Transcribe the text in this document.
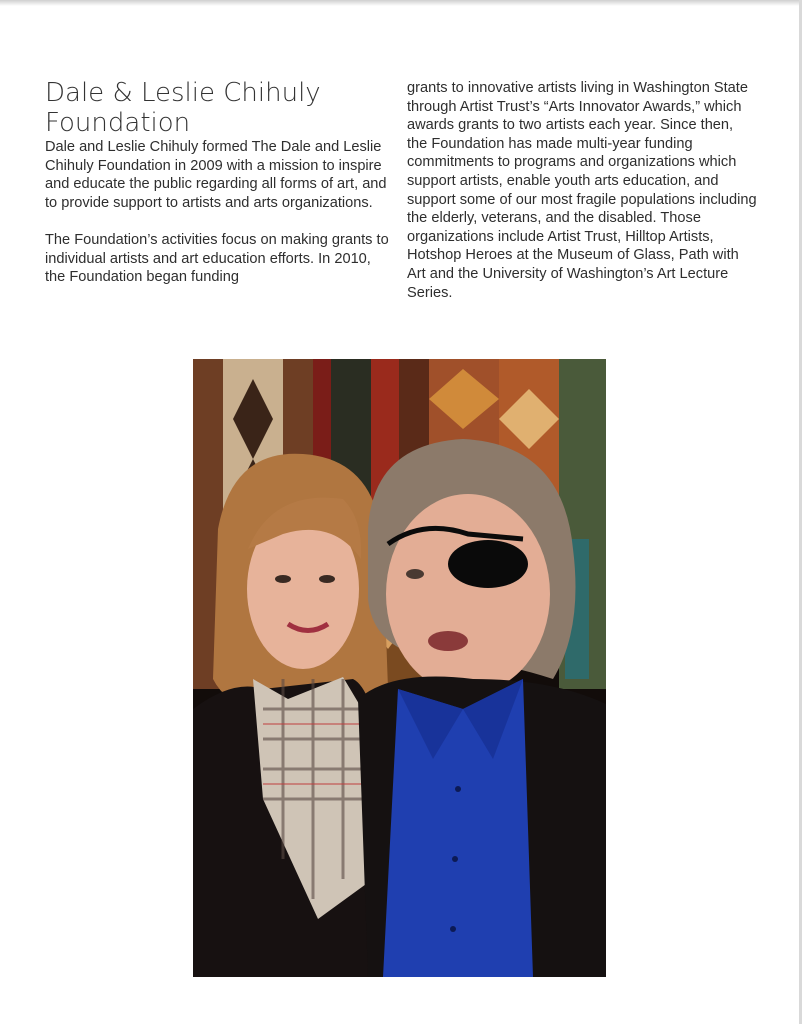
Dale & Leslie Chihuly
Foundation

Dale and Leslie Chihuly formed The Dale and Leslie Chihuly Foundation in 2009 with a mission to inspire and educate the public regarding all forms of art, and to provide support to artists and arts organizations.

The Foundation’s activities focus on making grants to individual artists and art education efforts. In 2010, the Foundation began funding

grants to innovative artists living in Washington State through Artist Trust’s “Arts Innovator Awards,” which awards grants to two artists each year. Since then, the Foundation has made multi-year funding commitments to programs and organizations which support artists, enable youth arts education, and support some of our most fragile populations including the elderly, veterans, and the disabled. Those organizations include Artist Trust, Hilltop Artists, Hotshop Heroes at the Museum of Glass, Path with Art and the University of Washington’s Art Lecture Series.
